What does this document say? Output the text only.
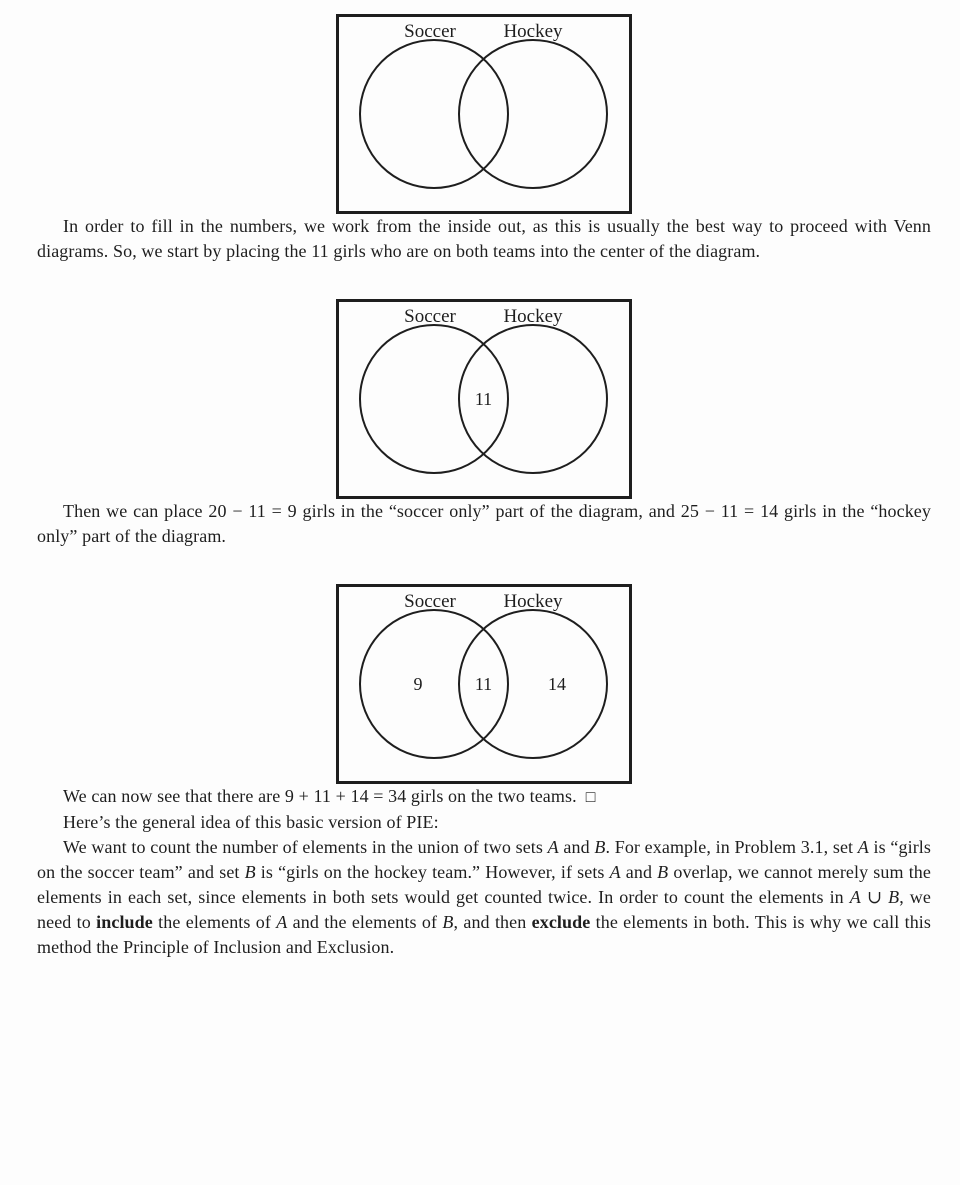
Soccer	Hockey

In order to fill in the numbers, we work from the inside out, as this is usually the best way to proceed with Venn diagrams. So, we start by placing the 11 girls who are on both teams into the center of the diagram.

Soccer	Hockey
11

Then we can place 20 − 11 = 9 girls in the “soccer only” part of the diagram, and 25 − 11 = 14 girls in the “hockey only” part of the diagram.

Soccer	Hockey
9	11	14

We can now see that there are 9 + 11 + 14 = 34 girls on the two teams. □

Here’s the general idea of this basic version of PIE:

We want to count the number of elements in the union of two sets A and B. For example, in Problem 3.1, set A is “girls on the soccer team” and set B is “girls on the hockey team.” However, if sets A and B overlap, we cannot merely sum the elements in each set, since elements in both sets would get counted twice. In order to count the elements in A ∪ B, we need to include the elements of A and the elements of B, and then exclude the elements in both. This is why we call this method the Principle of Inclusion and Exclusion.
